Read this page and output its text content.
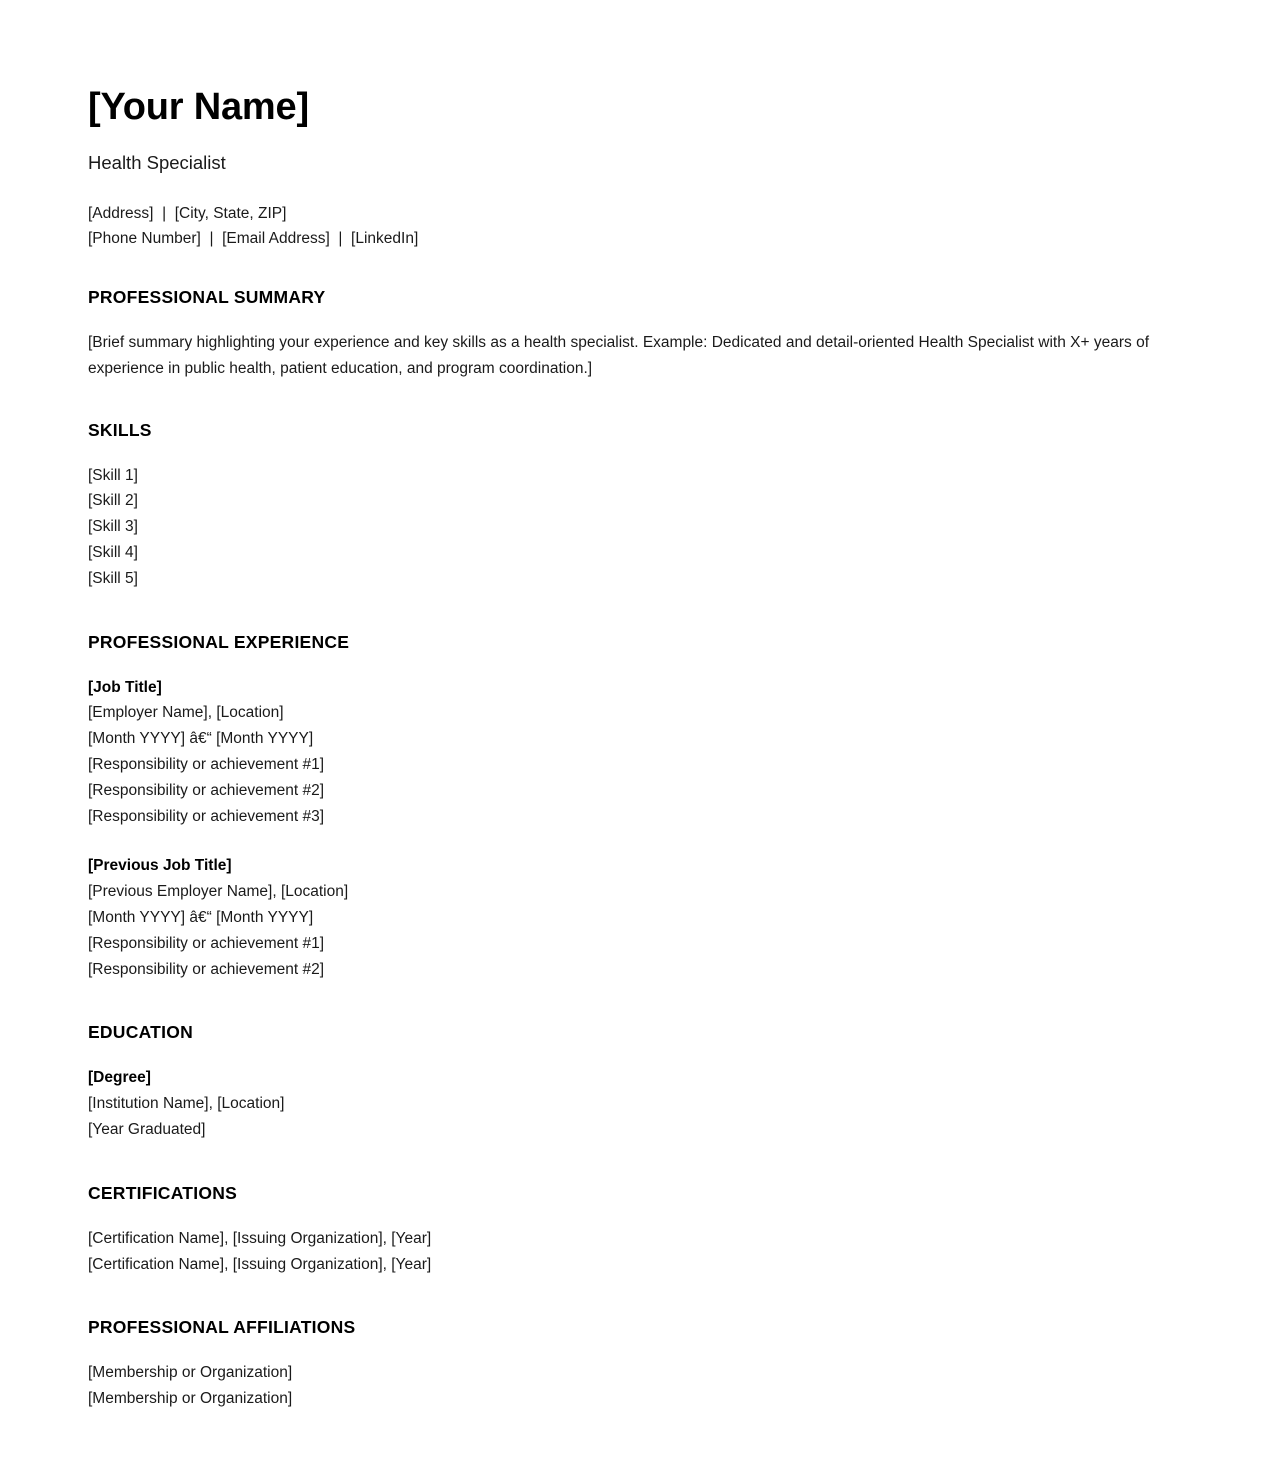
[Your Name]
Health Specialist
[Address]  |  [City, State, ZIP]
[Phone Number]  |  [Email Address]  |  [LinkedIn]
PROFESSIONAL SUMMARY

[Brief summary highlighting your experience and key skills as a health specialist. Example: Dedicated and detail-oriented Health Specialist with X+ years of experience in public health, patient education, and program coordination.]

SKILLS
[Skill 1]
[Skill 2]
[Skill 3]
[Skill 4]
[Skill 5]
PROFESSIONAL EXPERIENCE
[Job Title]
[Employer Name], [Location]
[Month YYYY] â€“ [Month YYYY]
[Responsibility or achievement #1]
[Responsibility or achievement #2]
[Responsibility or achievement #3]
[Previous Job Title]
[Previous Employer Name], [Location]
[Month YYYY] â€“ [Month YYYY]
[Responsibility or achievement #1]
[Responsibility or achievement #2]
EDUCATION
[Degree]
[Institution Name], [Location]
[Year Graduated]
CERTIFICATIONS
[Certification Name], [Issuing Organization], [Year]
[Certification Name], [Issuing Organization], [Year]
PROFESSIONAL AFFILIATIONS
[Membership or Organization]
[Membership or Organization]
